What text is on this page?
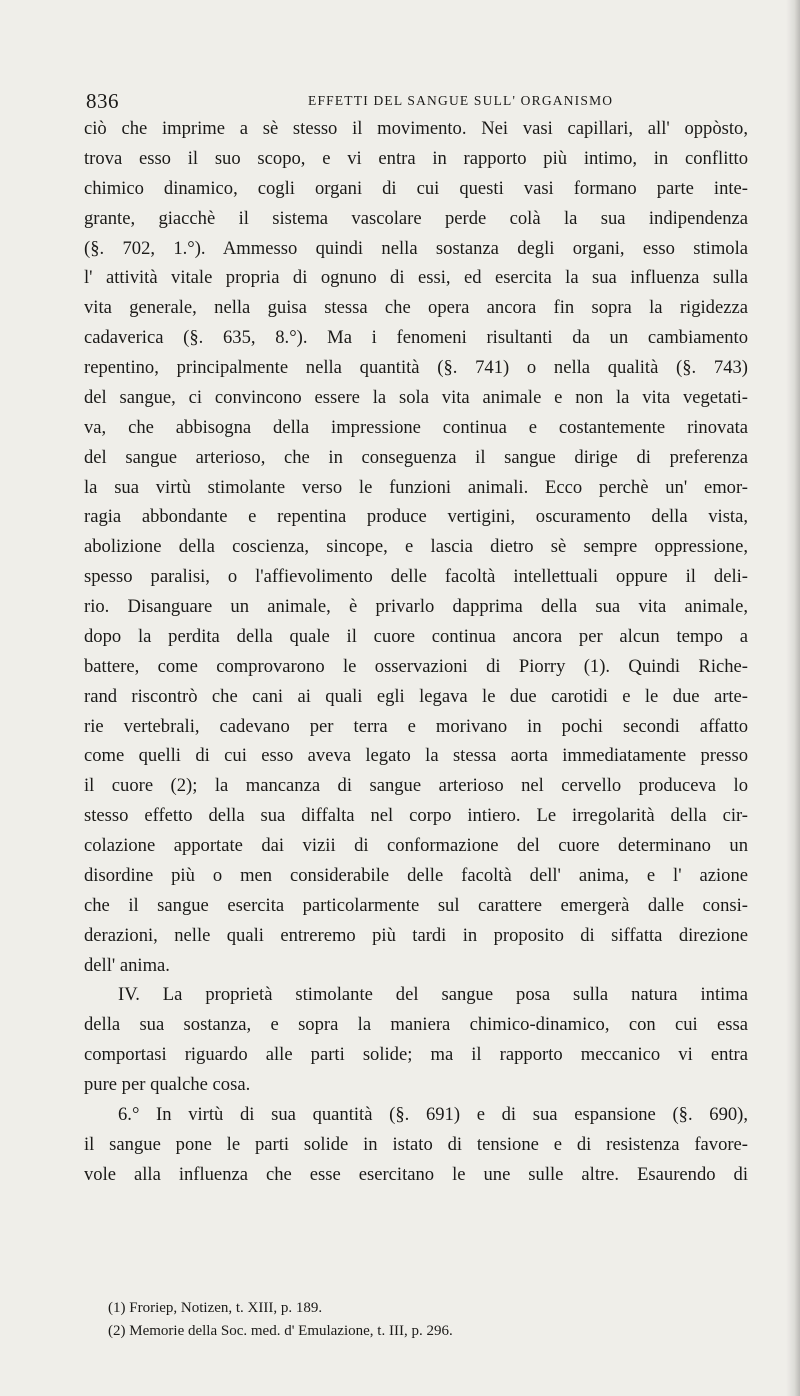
836	EFFETTI DEL SANGUE SULL' ORGANISMO
ciò che imprime a sè stesso il movimento. Nei vasi capillari, all' oppòsto,
trova esso il suo scopo, e vi entra in rapporto più intimo, in conflitto
chimico dinamico, cogli organi di cui questi vasi formano parte inte-
grante, giacchè il sistema vascolare perde colà la sua indipendenza
(§. 702, 1.°). Ammesso quindi nella sostanza degli organi, esso stimola
l' attività vitale propria di ognuno di essi, ed esercita la sua influenza sulla
vita generale, nella guisa stessa che opera ancora fin sopra la rigidezza
cadaverica (§. 635, 8.°). Ma i fenomeni risultanti da un cambiamento
repentino, principalmente nella quantità (§. 741) o nella qualità (§. 743)
del sangue, ci convincono essere la sola vita animale e non la vita vegetati-
va, che abbisogna della impressione continua e costantemente rinovata
del sangue arterioso, che in conseguenza il sangue dirige di preferenza
la sua virtù stimolante verso le funzioni animali. Ecco perchè un' emor-
ragia abbondante e repentina produce vertigini, oscuramento della vista,
abolizione della coscienza, sincope, e lascia dietro sè sempre oppressione,
spesso paralisi, o l'affievolimento delle facoltà intellettuali oppure il deli-
rio. Disanguare un animale, è privarlo dapprima della sua vita animale,
dopo la perdita della quale il cuore continua ancora per alcun tempo a
battere, come comprovarono le osservazioni di Piorry (1). Quindi Riche-
rand riscontrò che cani ai quali egli legava le due carotidi e le due arte-
rie vertebrali, cadevano per terra e morivano in pochi secondi affatto
come quelli di cui esso aveva legato la stessa aorta immediatamente presso
il cuore (2); la mancanza di sangue arterioso nel cervello produceva lo
stesso effetto della sua diffalta nel corpo intiero. Le irregolarità della cir-
colazione apportate dai vizii di conformazione del cuore determinano un
disordine più o men considerabile delle facoltà dell' anima, e l' azione
che il sangue esercita particolarmente sul carattere emergerà dalle consi-
derazioni, nelle quali entreremo più tardi in proposito di siffatta direzione
dell' anima.
IV. La proprietà stimolante del sangue posa sulla natura intima
della sua sostanza, e sopra la maniera chimico-dinamico, con cui essa
comportasi riguardo alle parti solide; ma il rapporto meccanico vi entra
pure per qualche cosa.
6.° In virtù di sua quantità (§. 691) e di sua espansione (§. 690),
il sangue pone le parti solide in istato di tensione e di resistenza favore-
vole alla influenza che esse esercitano le une sulle altre. Esaurendo di
(1) Froriep, Notizen, t. XIII, p. 189.
(2) Memorie della Soc. med. d' Emulazione, t. III, p. 296.
